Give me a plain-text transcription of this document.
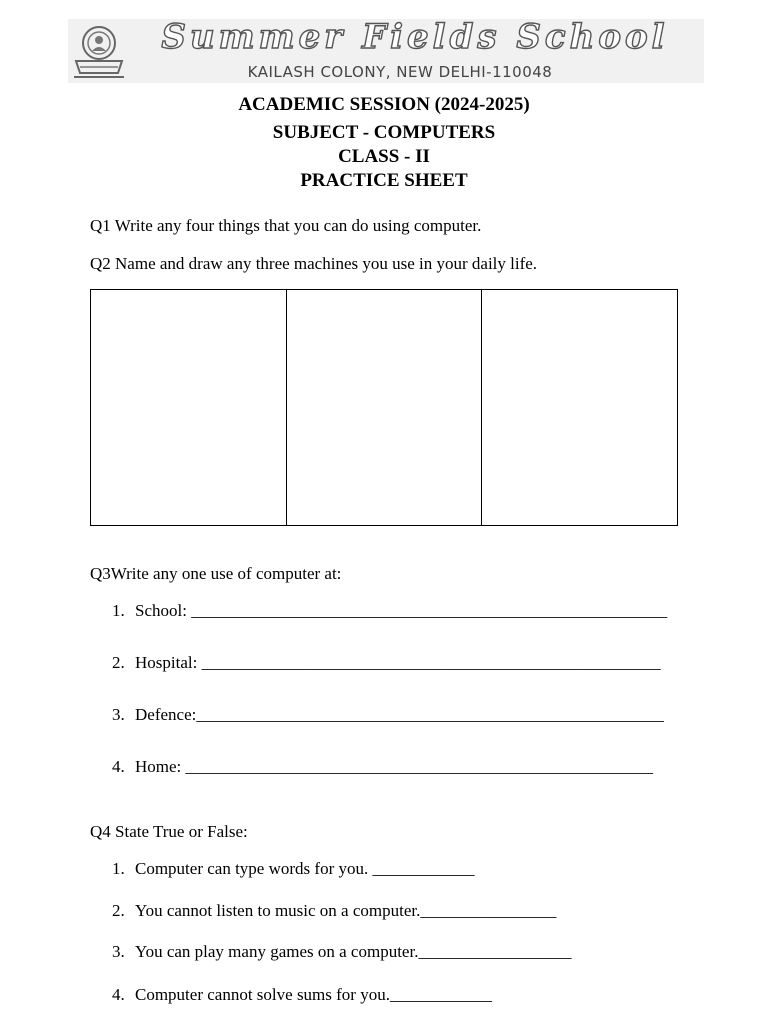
Summer Fields School
KAILASH COLONY, NEW DELHI-110048
ACADEMIC SESSION (2024-2025)
SUBJECT - COMPUTERS
CLASS - II
PRACTICE SHEET
Q1 Write any four things that you can do using computer.
Q2 Name and draw any three machines you use in your daily life.

Q3Write any one use of computer at:
1. School: ________________________________________________________
2. Hospital: ______________________________________________________
3. Defence:_______________________________________________________
4. Home: _______________________________________________________
Q4 State True or False:
1. Computer can type words for you. ____________
2. You cannot listen to music on a computer.________________
3. You can play many games on a computer.__________________
4. Computer cannot solve sums for you.____________
